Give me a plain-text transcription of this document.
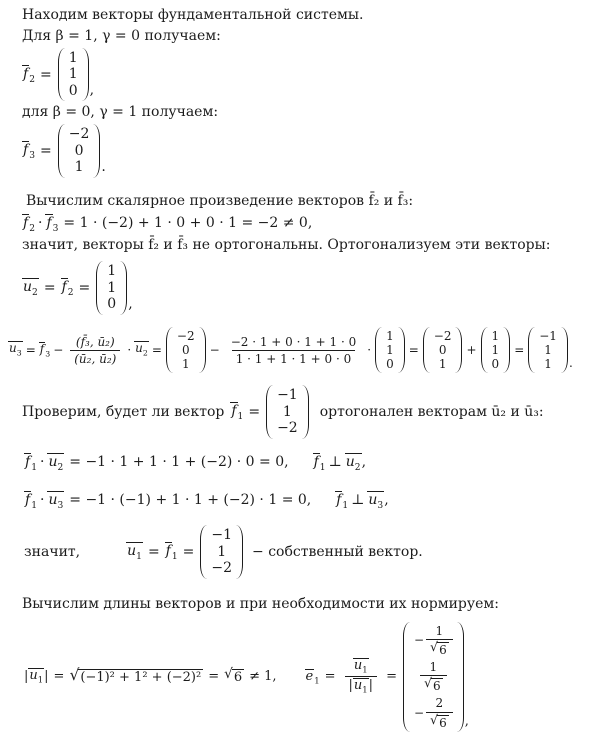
Находим векторы фундаментальной системы.

Для β = 1, γ = 0 получаем:

$f_2$ =
1
1
0 ,

для β = 0, γ = 1 получаем:

$f_3$ =
−2
0
1 .

Вычислим скалярное произведение векторов f̄₂ и f̄₃:

$f_2 \cdot f_3 = 1 \cdot (-2) + 1 \cdot 0 + 0 \cdot 1 = -2 \ne 0$,

значит, векторы f̄₂ и f̄₃ не ортогональны. Ортогонализуем эти векторы:

$u_2 = f_2$ =
1
1
0 ,
$u_3 = f_3 - \frac{\text{(f̄₃, ū₂)}}{\text{(ū₂, ū₂)}} \cdot u_2$ =
−2
0
1
− $\frac{-2 \cdot 1 + 0 \cdot 1 + 1 \cdot 0}{1 \cdot 1 + 1 \cdot 1 + 0 \cdot 0}$ ·
1
1
0
=
−2
0
1
+
1
1
0
=
−1
1
1 .
Проверим, будет ли вектор $f_1$ =
−1
1
−2
ортогонален векторам ū₂ и ū₃:
$f_1 \cdot u_2 = -1 \cdot 1 + 1 \cdot 1 + (-2) \cdot 0 = 0$, $f_1$ ⊥ $u_2$ ,
$f_1 \cdot u_3 = -1 \cdot (-1) + 1 \cdot 1 + (-2) \cdot 1 = 0$, $f_1$ ⊥ $u_3$ ,
значит,	$u_1 = f_1$ =
−1
1
−2
− собственный вектор.

Вычислим длины векторов и при необходимости их нормируем:

| $u_1$ | = √ (−1)² + 1² + (−2)² = √ 6 ≠ 1, $e_1 = \frac{u_1}{|u_1|}$ =
− $\frac{1}{√ 6}$
$\frac{1}{√ 6}$
− $\frac{2}{√ 6}$ ,
